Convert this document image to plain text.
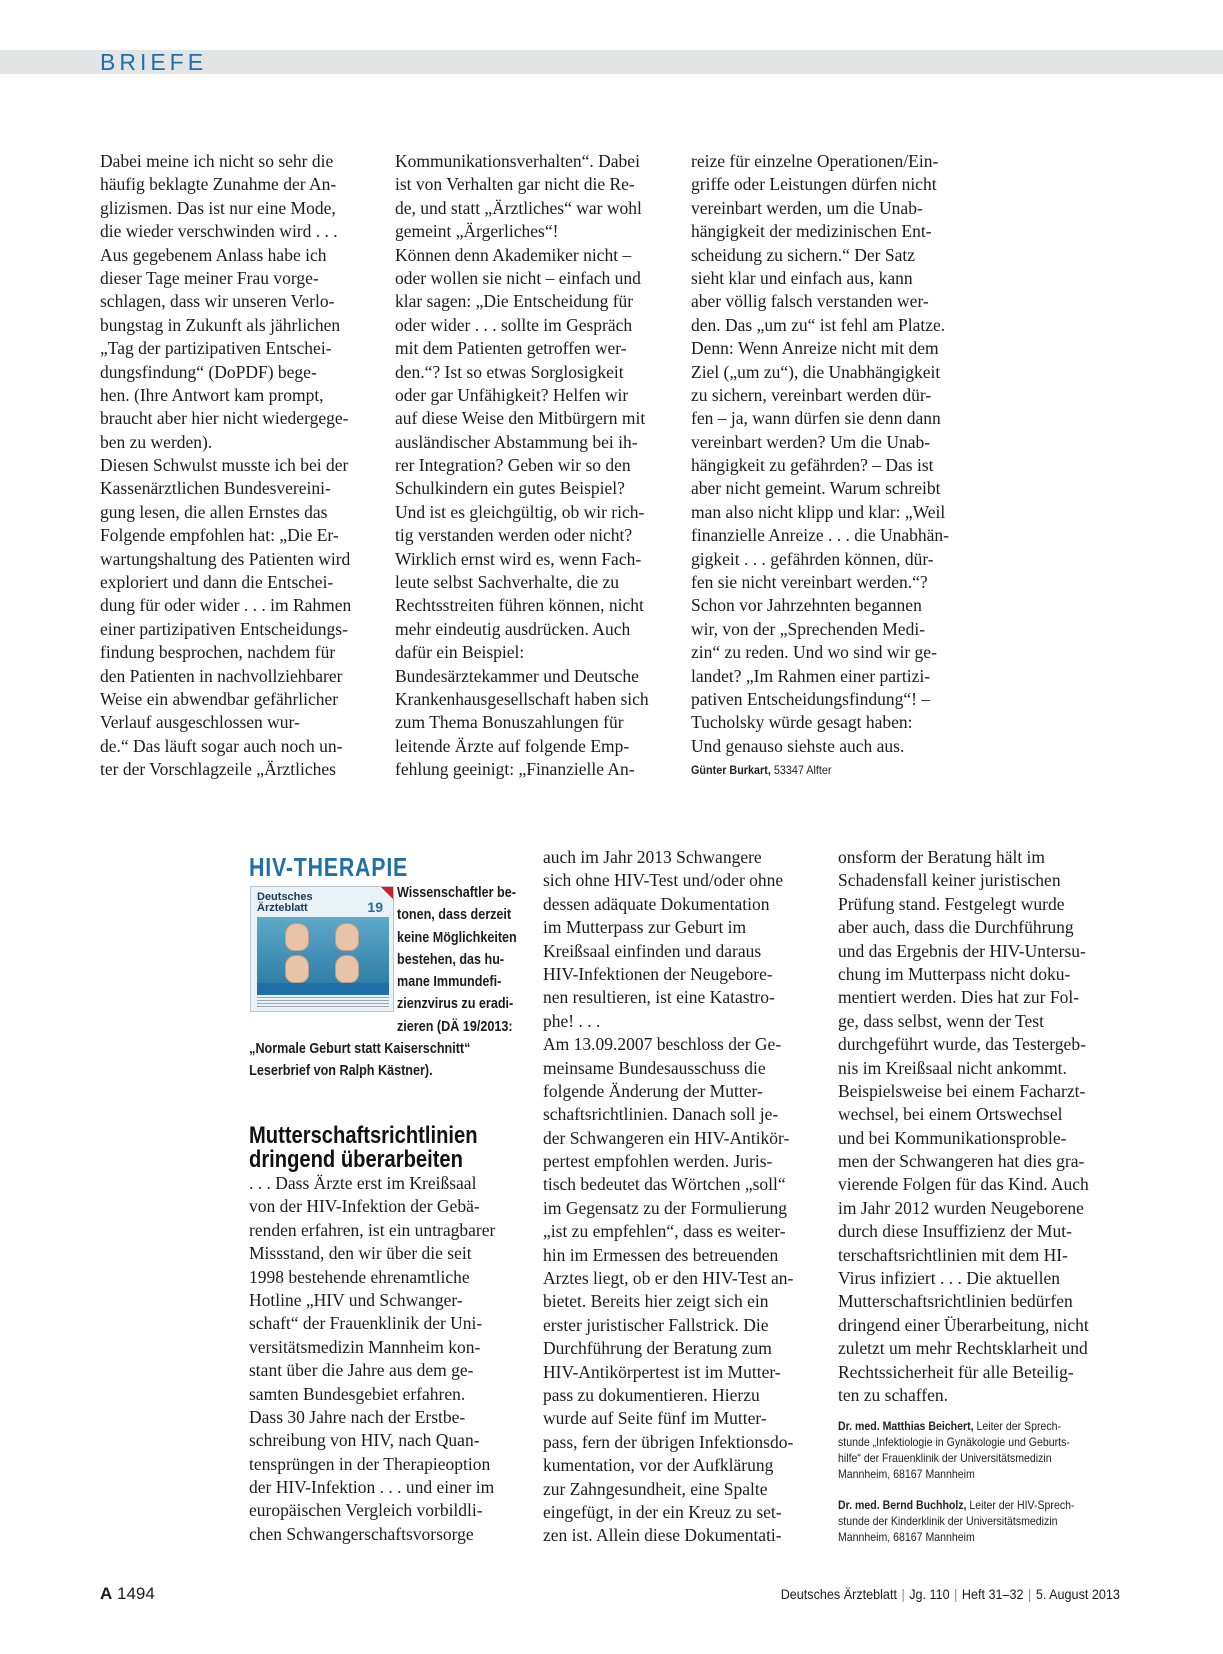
BRIEFE
Dabei meine ich nicht so sehr die
häufig beklagte Zunahme der An-
glizismen. Das ist nur eine Mode,
die wieder verschwinden wird . . .
Aus gegebenem Anlass habe ich
dieser Tage meiner Frau vorge-
schlagen, dass wir unseren Verlo-
bungstag in Zukunft als jährlichen
„Tag der partizipativen Entschei-
dungsfindung“ (DoPDF) bege-
hen. (Ihre Antwort kam prompt,
braucht aber hier nicht wiedergege-
ben zu werden).
Diesen Schwulst musste ich bei der
Kassenärztlichen Bundesvereini-
gung lesen, die allen Ernstes das
Folgende empfohlen hat: „Die Er-
wartungshaltung des Patienten wird
exploriert und dann die Entschei-
dung für oder wider . . . im Rahmen
einer partizipativen Entscheidungs-
findung besprochen, nachdem für
den Patienten in nachvollziehbarer
Weise ein abwendbar gefährlicher
Verlauf ausgeschlossen wur-
de.“ Das läuft sogar auch noch un-
ter der Vorschlagzeile „Ärztliches
Kommunikationsverhalten“. Dabei
ist von Verhalten gar nicht die Re-
de, und statt „Ärztliches“ war wohl
gemeint „Ärgerliches“!
Können denn Akademiker nicht –
oder wollen sie nicht – einfach und
klar sagen: „Die Entscheidung für
oder wider . . . sollte im Gespräch
mit dem Patienten getroffen wer-
den.“? Ist so etwas Sorglosigkeit
oder gar Unfähigkeit? Helfen wir
auf diese Weise den Mitbürgern mit
ausländischer Abstammung bei ih-
rer Integration? Geben wir so den
Schulkindern ein gutes Beispiel?
Und ist es gleichgültig, ob wir rich-
tig verstanden werden oder nicht?
Wirklich ernst wird es, wenn Fach-
leute selbst Sachverhalte, die zu
Rechtsstreiten führen können, nicht
mehr eindeutig ausdrücken. Auch
dafür ein Beispiel:
Bundesärztekammer und Deutsche
Krankenhausgesellschaft haben sich
zum Thema Bonuszahlungen für
leitende Ärzte auf folgende Emp-
fehlung geeinigt: „Finanzielle An-
reize für einzelne Operationen/Ein-
griffe oder Leistungen dürfen nicht
vereinbart werden, um die Unab-
hängigkeit der medizinischen Ent-
scheidung zu sichern.“ Der Satz
sieht klar und einfach aus, kann
aber völlig falsch verstanden wer-
den. Das „um zu“ ist fehl am Platze.
Denn: Wenn Anreize nicht mit dem
Ziel („um zu“), die Unabhängigkeit
zu sichern, vereinbart werden dür-
fen – ja, wann dürfen sie denn dann
vereinbart werden? Um die Unab-
hängigkeit zu gefährden? – Das ist
aber nicht gemeint. Warum schreibt
man also nicht klipp und klar: „Weil
finanzielle Anreize . . . die Unabhän-
gigkeit . . . gefährden können, dür-
fen sie nicht vereinbart werden.“?
Schon vor Jahrzehnten begannen
wir, von der „Sprechenden Medi-
zin“ zu reden. Und wo sind wir ge-
landet? „Im Rahmen einer partizi-
pativen Entscheidungsfindung“! –
Tucholsky würde gesagt haben:
Und genauso siehste auch aus.
Günter Burkart, 53347 Alfter
HIV-THERAPIE
Deutsches
Ärzteblatt	19
Wissenschaftler be-
tonen, dass derzeit
keine Möglichkeiten
bestehen, das hu-
mane Immundefi-
zienzvirus zu eradi-
zieren (DÄ 19/2013:
„Normale Geburt statt Kaiserschnitt“
Leserbrief von Ralph Kästner).
Mutterschaftsrichtlinien
dringend überarbeiten
. . . Dass Ärzte erst im Kreißsaal
von der HIV-Infektion der Gebä-
renden erfahren, ist ein untragbarer
Missstand, den wir über die seit
1998 bestehende ehrenamtliche
Hotline „HIV und Schwanger-
schaft“ der Frauenklinik der Uni-
versitätsmedizin Mannheim kon-
stant über die Jahre aus dem ge-
samten Bundesgebiet erfahren.
Dass 30 Jahre nach der Erstbe-
schreibung von HIV, nach Quan-
tensprüngen in der Therapieoption
der HIV-Infektion . . . und einer im
europäischen Vergleich vorbildli-
chen Schwangerschaftsvorsorge
auch im Jahr 2013 Schwangere
sich ohne HIV-Test und/oder ohne
dessen adäquate Dokumentation
im Mutterpass zur Geburt im
Kreißsaal einfinden und daraus
HIV-Infektionen der Neugebore-
nen resultieren, ist eine Katastro-
phe! . . .
Am 13.09.2007 beschloss der Ge-
meinsame Bundesausschuss die
folgende Änderung der Mutter-
schaftsrichtlinien. Danach soll je-
der Schwangeren ein HIV-Antikör-
pertest empfohlen werden. Juris-
tisch bedeutet das Wörtchen „soll“
im Gegensatz zu der Formulierung
„ist zu empfehlen“, dass es weiter-
hin im Ermessen des betreuenden
Arztes liegt, ob er den HIV-Test an-
bietet. Bereits hier zeigt sich ein
erster juristischer Fallstrick. Die
Durchführung der Beratung zum
HIV-Antikörpertest ist im Mutter-
pass zu dokumentieren. Hierzu
wurde auf Seite fünf im Mutter-
pass, fern der übrigen Infektionsdo-
kumentation, vor der Aufklärung
zur Zahngesundheit, eine Spalte
eingefügt, in der ein Kreuz zu set-
zen ist. Allein diese Dokumentati-
onsform der Beratung hält im
Schadensfall keiner juristischen
Prüfung stand. Festgelegt wurde
aber auch, dass die Durchführung
und das Ergebnis der HIV-Untersu-
chung im Mutterpass nicht doku-
mentiert werden. Dies hat zur Fol-
ge, dass selbst, wenn der Test
durchgeführt wurde, das Testergeb-
nis im Kreißsaal nicht ankommt.
Beispielsweise bei einem Facharzt-
wechsel, bei einem Ortswechsel
und bei Kommunikationsproble-
men der Schwangeren hat dies gra-
vierende Folgen für das Kind. Auch
im Jahr 2012 wurden Neugeborene
durch diese Insuffizienz der Mut-
terschaftsrichtlinien mit dem HI-
Virus infiziert . . . Die aktuellen
Mutterschaftsrichtlinien bedürfen
dringend einer Überarbeitung, nicht
zuletzt um mehr Rechtsklarheit und
Rechtssicherheit für alle Beteilig-
ten zu schaffen.
Dr. med. Matthias Beichert, Leiter der Sprech-
stunde „Infektiologie in Gynäkologie und Geburts-
hilfe“ der Frauenklinik der Universitätsmedizin
Mannheim, 68167 Mannheim
Dr. med. Bernd Buchholz, Leiter der HIV-Sprech-
stunde der Kinderklinik der Universitätsmedizin
Mannheim, 68167 Mannheim
A 1494	Deutsches Ärzteblatt | Jg. 110 | Heft 31–32 | 5. August 2013
